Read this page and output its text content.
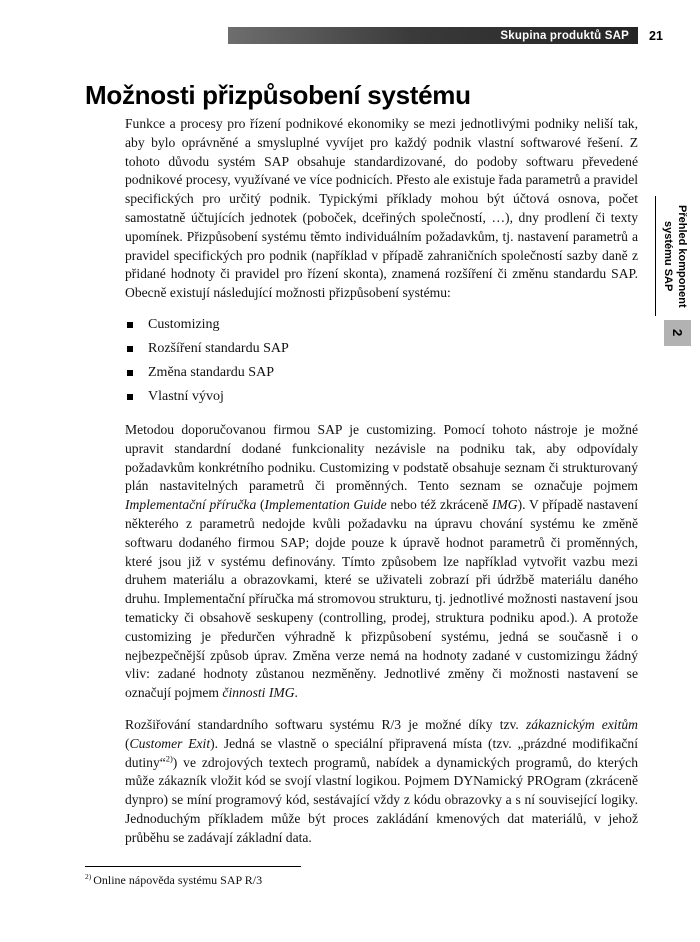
Skupina produktů SAP 21
Přehled komponent systému SAP
2
Možnosti přizpůsobení systému

Funkce a procesy pro řízení podnikové ekonomiky se mezi jednotlivými podniky neliší tak, aby bylo oprávněné a smysluplné vyvíjet pro každý podnik vlastní softwarové řešení. Z tohoto důvodu systém SAP obsahuje standardizované, do podoby softwaru převedené podnikové procesy, využívané ve více podnicích. Přesto ale existuje řada parametrů a pravidel specifických pro určitý podnik. Typickými příklady mohou být účtová osnova, počet samostatně účtujících jednotek (poboček, dceřiných společností, …), dny prodlení či texty upomínek. Přizpůsobení systému těmto individuálním požadavkům, tj. nastavení parametrů a pravidel specifických pro podnik (například v případě zahraničních společností sazby daně z přidané hodnoty či pravidel pro řízení skonta), znamená rozšíření či změnu standardu SAP. Obecně existují následující možnosti přizpůsobení systému:

Customizing
Rozšíření standardu SAP
Změna standardu SAP
Vlastní vývoj

Metodou doporučovanou firmou SAP je customizing. Pomocí tohoto nástroje je možné upravit standardní dodané funkcionality nezávisle na podniku tak, aby odpovídaly požadavkům konkrétního podniku. Customizing v podstatě obsahuje seznam či strukturovaný plán nastavitelných parametrů či proměnných. Tento seznam se označuje pojmem Implementační příručka (Implementation Guide nebo též zkráceně IMG). V případě nastavení některého z parametrů nedojde kvůli požadavku na úpravu chování systému ke změně softwaru dodaného firmou SAP; dojde pouze k úpravě hodnot parametrů či proměnných, které jsou již v systému definovány. Tímto způsobem lze například vytvořit vazbu mezi druhem materiálu a obrazovkami, které se uživateli zobrazí při údržbě materiálu daného druhu. Implementační příručka má stromovou strukturu, tj. jednotlivé možnosti nastavení jsou tematicky či obsahově seskupeny (controlling, prodej, struktura podniku apod.). A protože customizing je předurčen výhradně k přizpůsobení systému, jedná se současně i o nejbezpečnější způsob úprav. Změna verze nemá na hodnoty zadané v customizingu žádný vliv: zadané hodnoty zůstanou nezměněny. Jednotlivé změny či možnosti nastavení se označují pojmem činnosti IMG.

Rozšiřování standardního softwaru systému R/3 je možné díky tzv. zákaznickým exitům (Customer Exit). Jedná se vlastně o speciální připravená místa (tzv. „prázdné modifikační dutiny“$^{2)}$) ve zdrojových textech programů, nabídek a dynamických programů, do kterých může zákazník vložit kód se svojí vlastní logikou. Pojmem DYNamický PROgram (zkráceně dynpro) se míní programový kód, sestávající vždy z kódu obrazovky a s ní související logiky. Jednoduchým příkladem může být proces zakládání kmenových dat materiálů, v jehož průběhu se zadávají základní data.

$^{2)}$ Online nápověda systému SAP R/3
